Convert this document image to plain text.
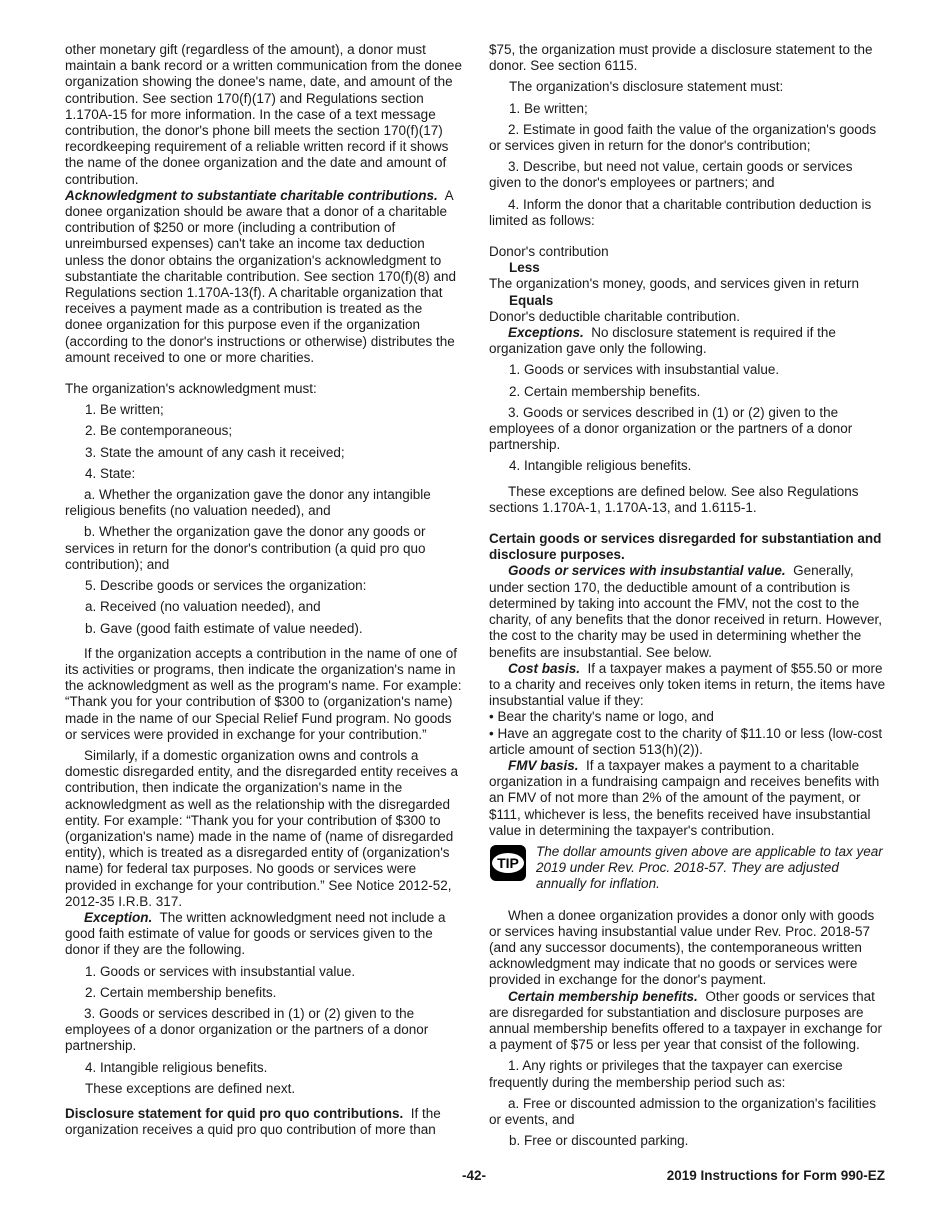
other monetary gift (regardless of the amount), a donor must maintain a bank record or a written communication from the donee organization showing the donee's name, date, and amount of the contribution. See section 170(f)(17) and Regulations section 1.170A-15 for more information. In the case of a text message contribution, the donor's phone bill meets the section 170(f)(17) recordkeeping requirement of a reliable written record if it shows the name of the donee organization and the date and amount of contribution.

Acknowledgment to substantiate charitable contributions. A donee organization should be aware that a donor of a charitable contribution of $250 or more (including a contribution of unreimbursed expenses) can't take an income tax deduction unless the donor obtains the organization's acknowledgment to substantiate the charitable contribution. See section 170(f)(8) and Regulations section 1.170A-13(f). A charitable organization that receives a payment made as a contribution is treated as the donee organization for this purpose even if the organization (according to the donor's instructions or otherwise) distributes the amount received to one or more charities.

The organization's acknowledgment must:

1. Be written;

2. Be contemporaneous;

3. State the amount of any cash it received;

4. State:

a. Whether the organization gave the donor any intangible religious benefits (no valuation needed), and

b. Whether the organization gave the donor any goods or services in return for the donor's contribution (a quid pro quo contribution); and

5. Describe goods or services the organization:

a. Received (no valuation needed), and

b. Gave (good faith estimate of value needed).

If the organization accepts a contribution in the name of one of its activities or programs, then indicate the organization's name in the acknowledgment as well as the program's name. For example: “Thank you for your contribution of $300 to (organization's name) made in the name of our Special Relief Fund program. No goods or services were provided in exchange for your contribution.”

Similarly, if a domestic organization owns and controls a domestic disregarded entity, and the disregarded entity receives a contribution, then indicate the organization's name in the acknowledgment as well as the relationship with the disregarded entity. For example: “Thank you for your contribution of $300 to (organization's name) made in the name of (name of disregarded entity), which is treated as a disregarded entity of (organization's name) for federal tax purposes. No goods or services were provided in exchange for your contribution.” See Notice 2012-52, 2012-35 I.R.B. 317.

Exception. The written acknowledgment need not include a good faith estimate of value for goods or services given to the donor if they are the following.

1. Goods or services with insubstantial value.

2. Certain membership benefits.

3. Goods or services described in (1) or (2) given to the employees of a donor organization or the partners of a donor partnership.

4. Intangible religious benefits.

These exceptions are defined next.

Disclosure statement for quid pro quo contributions. If the organization receives a quid pro quo contribution of more than

$75, the organization must provide a disclosure statement to the donor. See section 6115.

The organization's disclosure statement must:

1. Be written;

2. Estimate in good faith the value of the organization's goods or services given in return for the donor's contribution;

3. Describe, but need not value, certain goods or services given to the donor's employees or partners; and

4. Inform the donor that a charitable contribution deduction is limited as follows:

Donor's contribution

Less

The organization's money, goods, and services given in return

Equals

Donor's deductible charitable contribution.

Exceptions. No disclosure statement is required if the organization gave only the following.

1. Goods or services with insubstantial value.

2. Certain membership benefits.

3. Goods or services described in (1) or (2) given to the employees of a donor organization or the partners of a donor partnership.

4. Intangible religious benefits.

These exceptions are defined below. See also Regulations sections 1.170A-1, 1.170A-13, and 1.6115-1.

Certain goods or services disregarded for substantiation and disclosure purposes.

Goods or services with insubstantial value. Generally, under section 170, the deductible amount of a contribution is determined by taking into account the FMV, not the cost to the charity, of any benefits that the donor received in return. However, the cost to the charity may be used in determining whether the benefits are insubstantial. See below.

Cost basis. If a taxpayer makes a payment of $55.50 or more to a charity and receives only token items in return, the items have insubstantial value if they:

• Bear the charity's name or logo, and

• Have an aggregate cost to the charity of $11.10 or less (low-cost article amount of section 513(h)(2)).

FMV basis. If a taxpayer makes a payment to a charitable organization in a fundraising campaign and receives benefits with an FMV of not more than 2% of the amount of the payment, or $111, whichever is less, the benefits received have insubstantial value in determining the taxpayer's contribution.

TIP

The dollar amounts given above are applicable to tax year 2019 under Rev. Proc. 2018-57. They are adjusted annually for inflation.

When a donee organization provides a donor only with goods or services having insubstantial value under Rev. Proc. 2018-57 (and any successor documents), the contemporaneous written acknowledgment may indicate that no goods or services were provided in exchange for the donor's payment.

Certain membership benefits. Other goods or services that are disregarded for substantiation and disclosure purposes are annual membership benefits offered to a taxpayer in exchange for a payment of $75 or less per year that consist of the following.

1. Any rights or privileges that the taxpayer can exercise frequently during the membership period such as:

a. Free or discounted admission to the organization's facilities or events, and

b. Free or discounted parking.

-42-	2019 Instructions for Form 990-EZ
